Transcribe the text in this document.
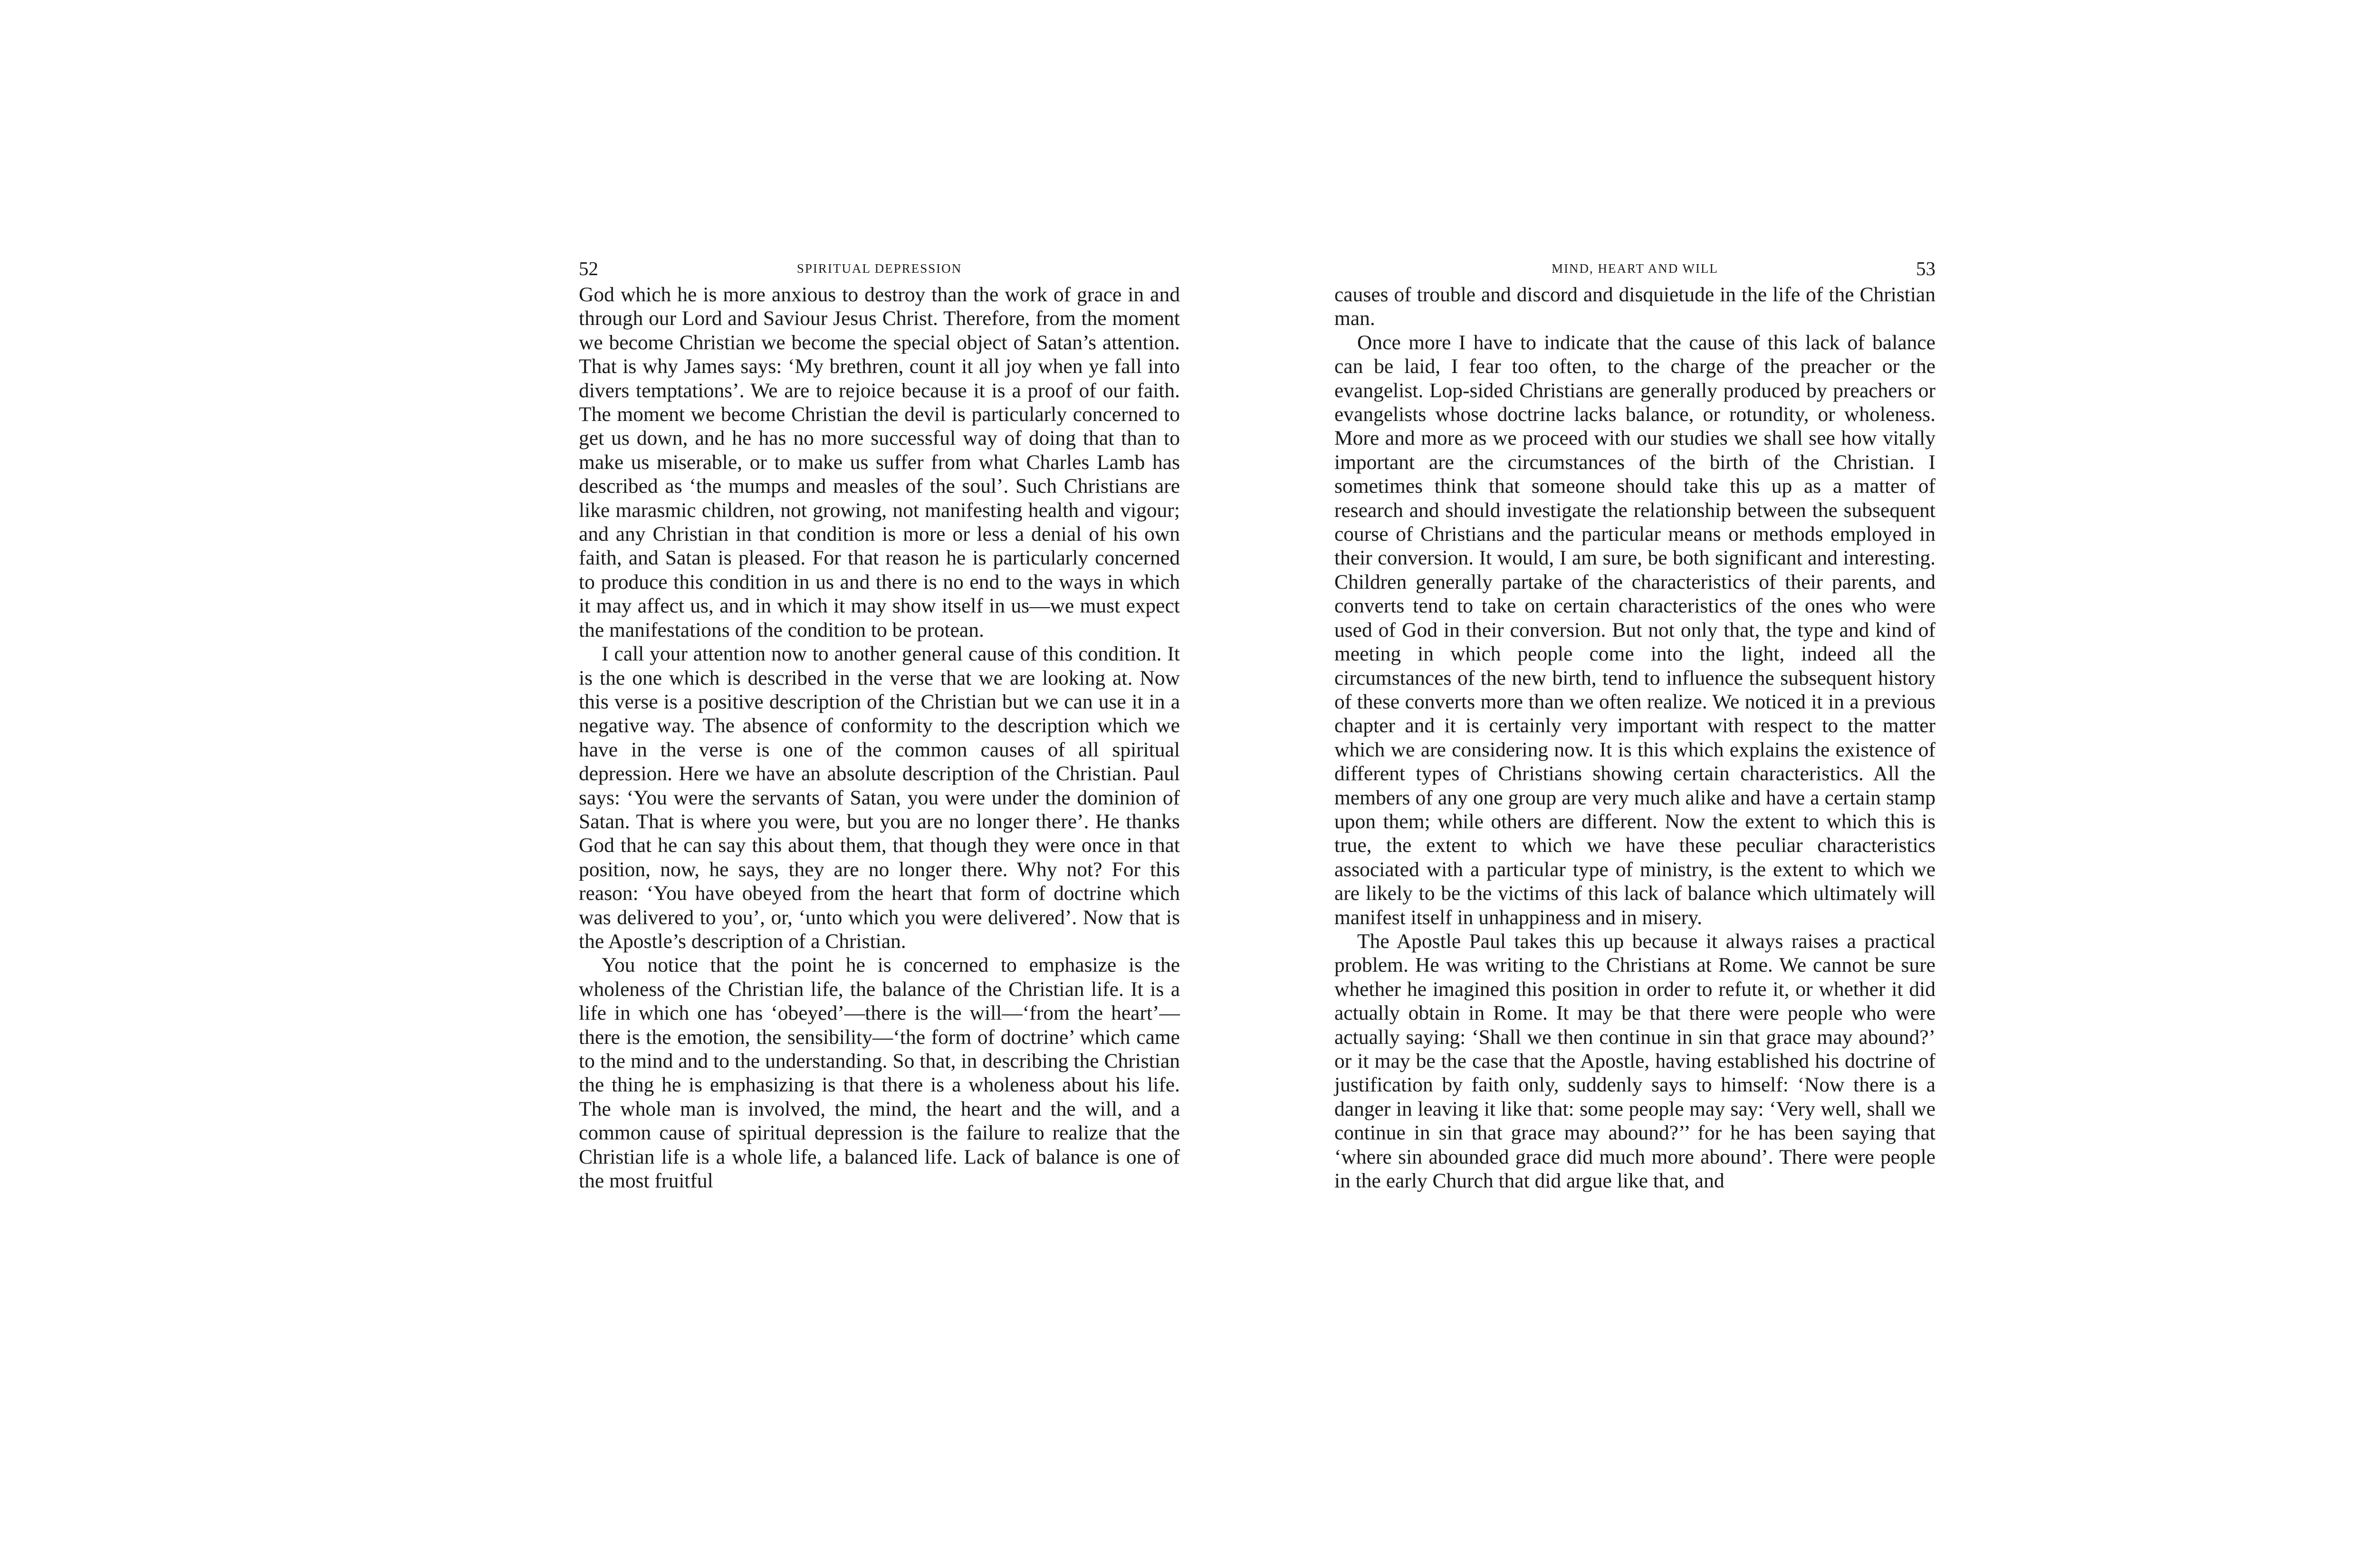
52	SPIRITUAL DEPRESSION

God which he is more anxious to destroy than the work of grace in and through our Lord and Saviour Jesus Christ. Therefore, from the moment we become Christian we become the special object of Satan’s attention. That is why James says: ‘My brethren, count it all joy when ye fall into divers temptations’. We are to rejoice because it is a proof of our faith. The moment we become Christian the devil is particularly concerned to get us down, and he has no more successful way of doing that than to make us miserable, or to make us suffer from what Charles Lamb has described as ‘the mumps and measles of the soul’. Such Christians are like marasmic children, not growing, not manifesting health and vigour; and any Christian in that condition is more or less a denial of his own faith, and Satan is pleased. For that reason he is particularly concerned to produce this condition in us and there is no end to the ways in which it may affect us, and in which it may show itself in us—we must expect the manifestations of the condition to be protean.

I call your attention now to another general cause of this condition. It is the one which is described in the verse that we are looking at. Now this verse is a positive description of the Christian but we can use it in a negative way. The absence of conformity to the description which we have in the verse is one of the common causes of all spiritual depression. Here we have an absolute description of the Christian. Paul says: ‘You were the servants of Satan, you were under the dominion of Satan. That is where you were, but you are no longer there’. He thanks God that he can say this about them, that though they were once in that position, now, he says, they are no longer there. Why not? For this reason: ‘You have obeyed from the heart that form of doctrine which was delivered to you’, or, ‘unto which you were delivered’. Now that is the Apostle’s description of a Christian.

You notice that the point he is concerned to emphasize is the wholeness of the Christian life, the balance of the Christian life. It is a life in which one has ‘obeyed’—there is the will—‘from the heart’—there is the emotion, the sensibility—‘the form of doctrine’ which came to the mind and to the understanding. So that, in describing the Christian the thing he is emphasizing is that there is a wholeness about his life. The whole man is involved, the mind, the heart and the will, and a common cause of spiritual depression is the failure to realize that the Christian life is a whole life, a balanced life. Lack of balance is one of the most fruitful

MIND, HEART AND WILL	53

causes of trouble and discord and disquietude in the life of the Christian man.

Once more I have to indicate that the cause of this lack of balance can be laid, I fear too often, to the charge of the preacher or the evangelist. Lop-sided Christians are generally produced by preachers or evangelists whose doctrine lacks balance, or rotundity, or wholeness. More and more as we proceed with our studies we shall see how vitally important are the circumstances of the birth of the Christian. I sometimes think that someone should take this up as a matter of research and should investigate the relationship between the subsequent course of Christians and the particular means or methods employed in their conversion. It would, I am sure, be both significant and interesting. Children generally partake of the characteristics of their parents, and converts tend to take on certain characteristics of the ones who were used of God in their conversion. But not only that, the type and kind of meeting in which people come into the light, indeed all the circumstances of the new birth, tend to influence the subsequent history of these converts more than we often realize. We noticed it in a previous chapter and it is certainly very important with respect to the matter which we are considering now. It is this which explains the existence of different types of Christians showing certain characteristics. All the members of any one group are very much alike and have a certain stamp upon them; while others are different. Now the extent to which this is true, the extent to which we have these peculiar characteristics associated with a particular type of ministry, is the extent to which we are likely to be the victims of this lack of balance which ultimately will manifest itself in unhappiness and in misery.

The Apostle Paul takes this up because it always raises a practical problem. He was writing to the Christians at Rome. We cannot be sure whether he imagined this position in order to refute it, or whether it did actually obtain in Rome. It may be that there were people who were actually saying: ‘Shall we then continue in sin that grace may abound?’ or it may be the case that the Apostle, having established his doctrine of justification by faith only, suddenly says to himself: ‘Now there is a danger in leaving it like that: some people may say: ‘Very well, shall we continue in sin that grace may abound?’’ for he has been saying that ‘where sin abounded grace did much more abound’. There were people in the early Church that did argue like that, and
